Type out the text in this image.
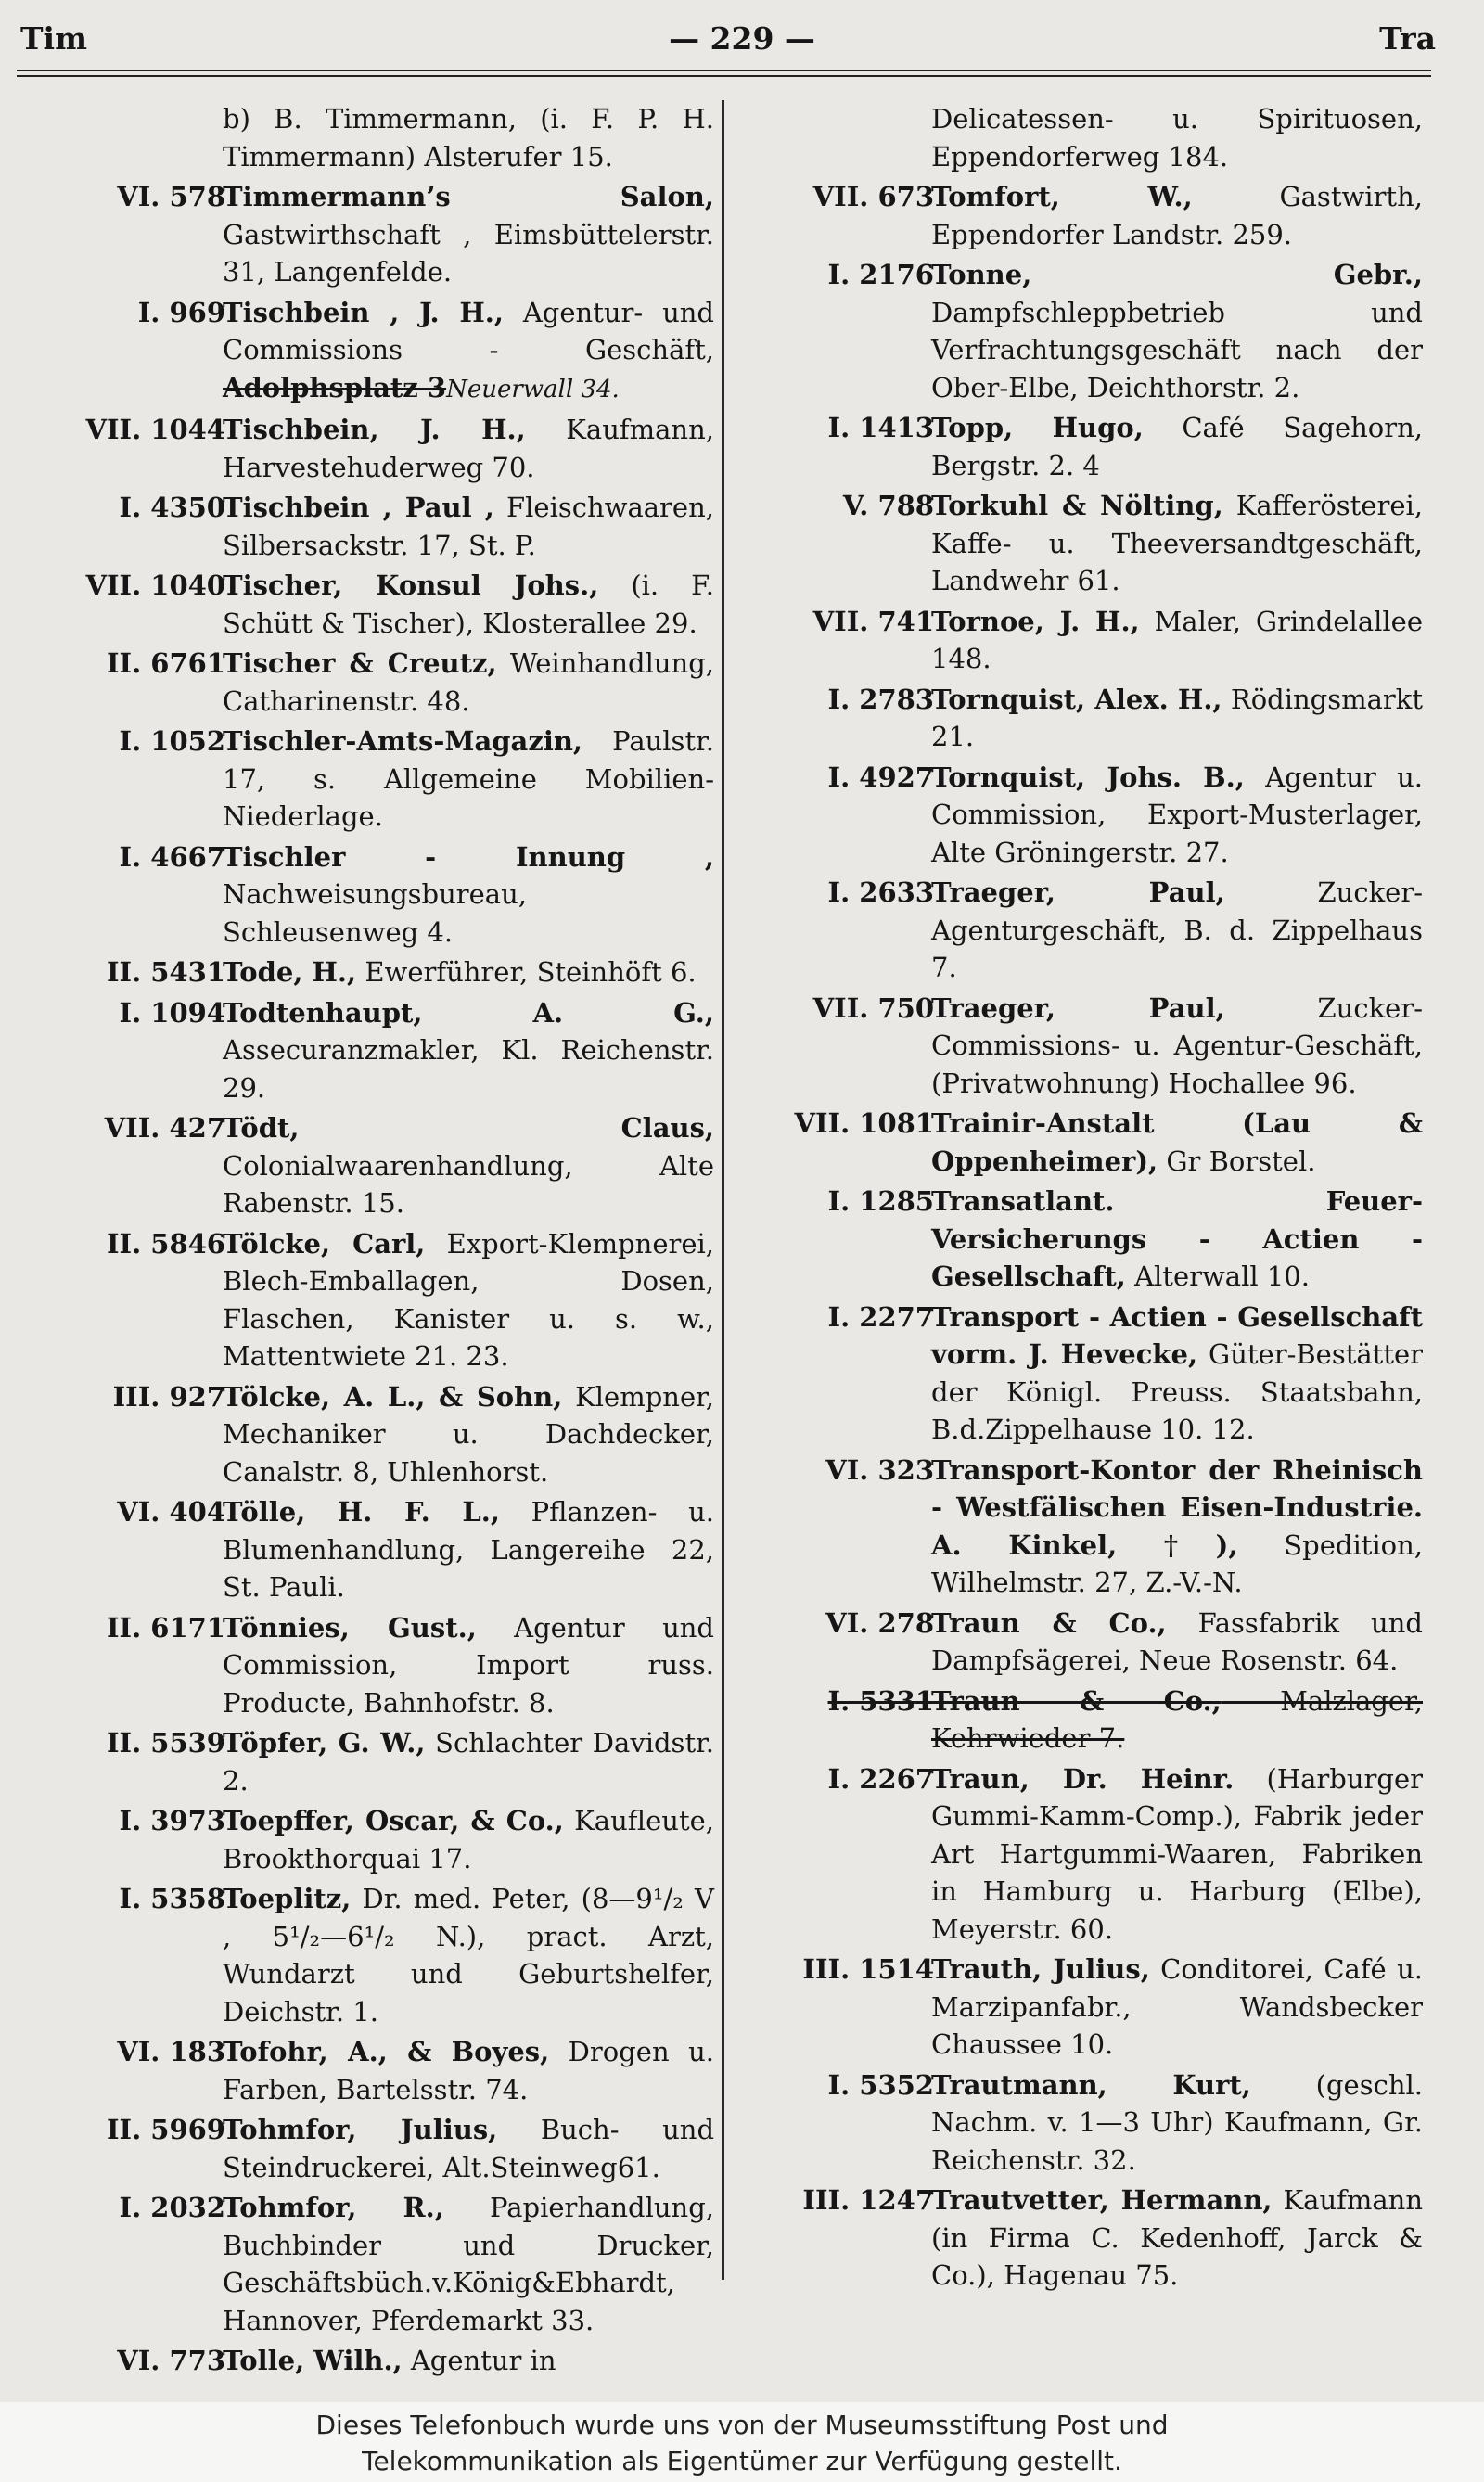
Tim	— 229 —	Tra
b) B. Timmermann, (i. F. P. H. Timmermann) Alsterufer 15.
VI. 578
Timmermann’s Salon, Gastwirthschaft , Eimsbüttelerstr. 31, Langenfelde.
I. 969
Tischbein , J. H., Agentur- und Commissions - Geschäft, Adolphsplatz 3Neuerwall 34.
VII. 1044
Tischbein, J. H., Kaufmann, Harvestehuderweg 70.
I. 4350
Tischbein , Paul , Fleischwaaren, Silbersackstr. 17, St. P.
VII. 1040
Tischer, Konsul Johs., (i. F. Schütt & Tischer), Klosterallee 29.
II. 6761
Tischer & Creutz, Weinhandlung, Catharinenstr. 48.
I. 1052
Tischler-Amts-Magazin, Paulstr. 17, s. Allgemeine Mobilien-Niederlage.
I. 4667
Tischler - Innung , Nachweisungsbureau, Schleusenweg 4.
II. 5431
Tode, H., Ewerführer, Steinhöft 6.
I. 1094
Todtenhaupt, A. G., Assecuranzmakler, Kl. Reichenstr. 29.
VII. 427
Tödt, Claus, Colonialwaarenhandlung, Alte Rabenstr. 15.
II. 5846
Tölcke, Carl, Export-Klempnerei, Blech-Emballagen, Dosen, Flaschen, Kanister u. s. w., Mattentwiete 21. 23.
III. 927
Tölcke, A. L., & Sohn, Klempner, Mechaniker u. Dachdecker, Canalstr. 8, Uhlenhorst.
VI. 404
Tölle, H. F. L., Pflanzen- u. Blumenhandlung, Langereihe 22, St. Pauli.
II. 6171
Tönnies, Gust., Agentur und Commission, Import russ. Producte, Bahnhofstr. 8.
II. 5539
Töpfer, G. W., Schlachter Davidstr. 2.
I. 3973
Toepffer, Oscar, & Co., Kaufleute, Brookthorquai 17.
I. 5358
Toeplitz, Dr. med. Peter, (8—9¹/₂ V , 5¹/₂—6¹/₂ N.), pract. Arzt, Wundarzt und Geburtshelfer, Deichstr. 1.
VI. 183
Tofohr, A., & Boyes, Drogen u. Farben, Bartelsstr. 74.
II. 5969
Tohmfor, Julius, Buch- und Steindruckerei, Alt.Steinweg61.
I. 2032
Tohmfor, R., Papierhandlung, Buchbinder und Drucker, Geschäftsbüch.v.König&Ebhardt, Hannover, Pferdemarkt 33.
VI. 773
Tolle, Wilh., Agentur in
Delicatessen- u. Spirituosen, Eppendorferweg 184.
VII. 673
Tomfort, W., Gastwirth, Eppendorfer Landstr. 259.
I. 2176
Tonne, Gebr., Dampfschleppbetrieb und Verfrachtungsgeschäft nach der Ober-Elbe, Deichthorstr. 2.
I. 1413
Topp, Hugo, Café Sagehorn, Bergstr. 2. 4
V. 788
Torkuhl & Nölting, Kafferösterei, Kaffe- u. Theeversandtgeschäft, Landwehr 61.
VII. 741
Tornoe, J. H., Maler, Grindelallee 148.
I. 2783
Tornquist, Alex. H., Rödingsmarkt 21.
I. 4927
Tornquist, Johs. B., Agentur u. Commission, Export-Musterlager, Alte Gröningerstr. 27.
I. 2633
Traeger, Paul, Zucker-Agenturgeschäft, B. d. Zippelhaus 7.
VII. 750
Traeger, Paul, Zucker-Commissions- u. Agentur-Geschäft, (Privatwohnung) Hochallee 96.
VII. 1081
Trainir-Anstalt (Lau & Oppenheimer), Gr Borstel.
I. 1285
Transatlant. Feuer-Versicherungs - Actien - Gesellschaft, Alterwall 10.
I. 2277
Transport - Actien - Gesellschaft vorm. J. Hevecke, Güter-Bestätter der Königl. Preuss. Staatsbahn, B.d.Zippelhause 10. 12.
VI. 323
Transport-Kontor der Rheinisch - Westfälischen Eisen-Industrie. A. Kinkel, †), Spedition, Wilhelmstr. 27, Z.-V.-N.
VI. 278
Traun & Co., Fassfabrik und Dampfsägerei, Neue Rosenstr. 64.
I. 5331
Traun & Co., Malzlager, Kehrwieder 7.
I. 2267
Traun, Dr. Heinr. (Harburger Gummi-Kamm-Comp.), Fabrik jeder Art Hartgummi-Waaren, Fabriken in Hamburg u. Harburg (Elbe), Meyerstr. 60.
III. 1514
Trauth, Julius, Conditorei, Café u. Marzipanfabr., Wandsbecker Chaussee 10.
I. 5352
Trautmann, Kurt, (geschl. Nachm. v. 1—3 Uhr) Kaufmann, Gr. Reichenstr. 32.
III. 1247
Trautvetter, Hermann, Kaufmann (in Firma C. Kedenhoff, Jarck & Co.), Hagenau 75.
Dieses Telefonbuch wurde uns von der Museumsstiftung Post und
Telekommunikation als Eigentümer zur Verfügung gestellt.
